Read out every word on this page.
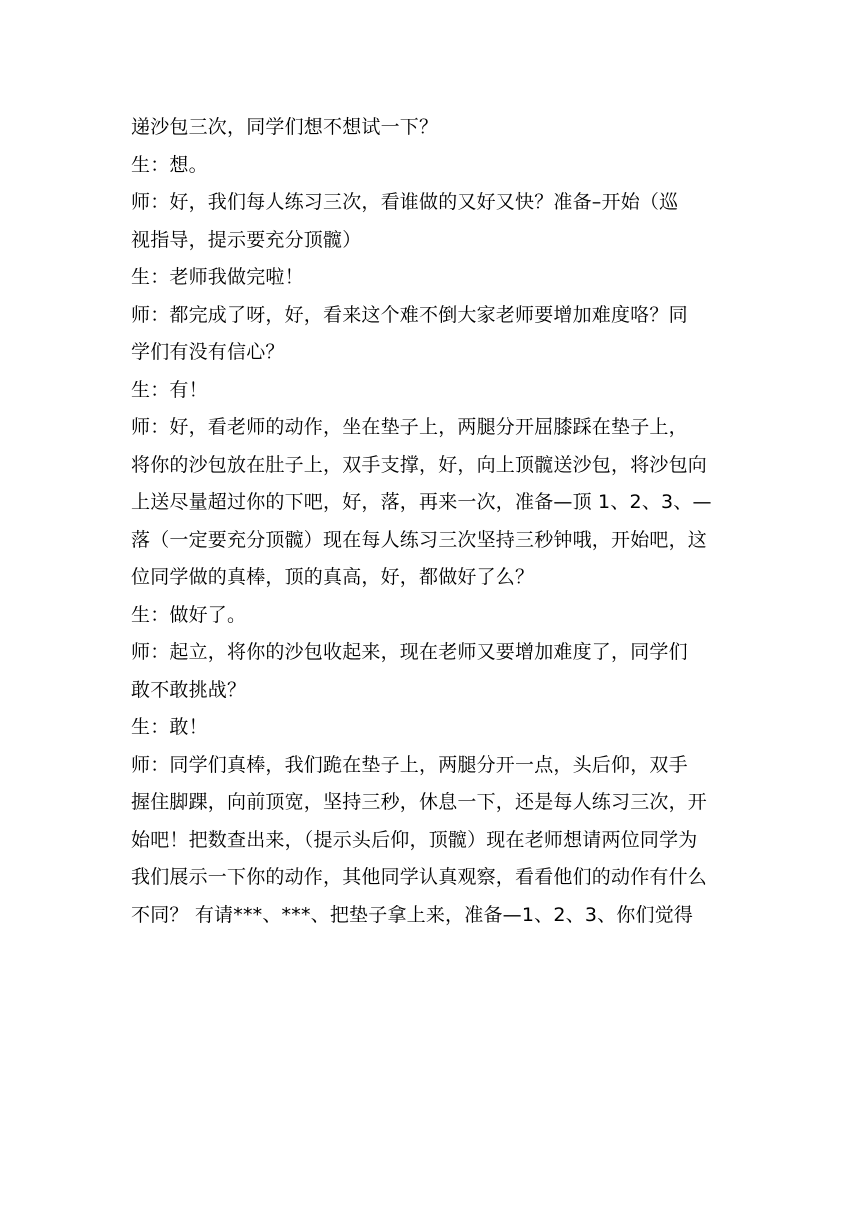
递沙包三次，同学们想不想试一下？
生：想。
师：好，我们每人练习三次，看谁做的又好又快？准备–开始（巡
视指导，提示要充分顶髋）
生：老师我做完啦！
师：都完成了呀，好，看来这个难不倒大家老师要增加难度咯？同
学们有没有信心？
生：有！
师：好，看老师的动作，坐在垫子上，两腿分开屈膝踩在垫子上，
将你的沙包放在肚子上，双手支撑，好，向上顶髋送沙包，将沙包向
上送尽量超过你的下吧，好，落，再来一次，准备—顶 1、2、3、—
落（一定要充分顶髋）现在每人练习三次坚持三秒钟哦，开始吧，这
位同学做的真棒，顶的真高，好，都做好了么？
生：做好了。
师：起立，将你的沙包收起来，现在老师又要增加难度了，同学们
敢不敢挑战？
生：敢！
师：同学们真棒，我们跪在垫子上，两腿分开一点，头后仰，双手
握住脚踝，向前顶宽，坚持三秒，休息一下，还是每人练习三次，开
始吧！把数查出来，（提示头后仰，顶髋）现在老师想请两位同学为
我们展示一下你的动作，其他同学认真观察，看看他们的动作有什么
不同？ 有请***、***、把垫子拿上来，准备—1、2、3、你们觉得
